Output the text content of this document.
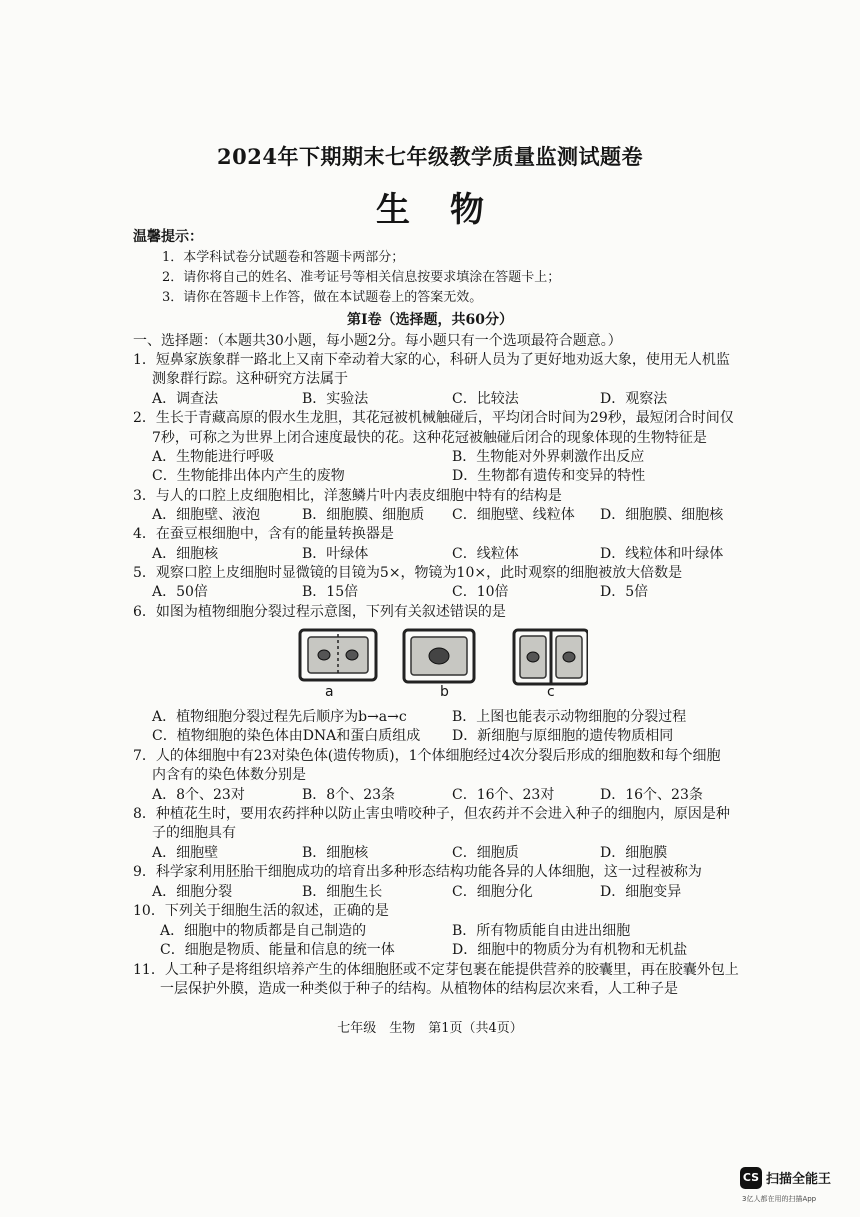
2024年下期期末七年级教学质量监测试题卷
生物
温馨提示：
1．本学科试卷分试题卷和答题卡两部分；
2．请你将自己的姓名、准考证号等相关信息按要求填涂在答题卡上；
3．请你在答题卡上作答，做在本试题卷上的答案无效。
第Ⅰ卷（选择题，共60分）
一、选择题：（本题共30小题，每小题2分。每小题只有一个选项最符合题意。）
1．短鼻家族象群一路北上又南下牵动着大家的心，科研人员为了更好地劝返大象，使用无人机监
测象群行踪。这种研究方法属于
A．调查法	B．实验法	C．比较法	D．观察法
2．生长于青藏高原的假水生龙胆，其花冠被机械触碰后，平均闭合时间为29秒，最短闭合时间仅
7秒，可称之为世界上闭合速度最快的花。这种花冠被触碰后闭合的现象体现的生物特征是
A．生物能进行呼吸	B．生物能对外界刺激作出反应
C．生物能排出体内产生的废物	D．生物都有遗传和变异的特性
3．与人的口腔上皮细胞相比，洋葱鳞片叶内表皮细胞中特有的结构是
A．细胞壁、液泡	B．细胞膜、细胞质 C．细胞壁、线粒体 D．细胞膜、细胞核
4．在蚕豆根细胞中，含有的能量转换器是
A．细胞核	B．叶绿体	C．线粒体	D．线粒体和叶绿体
5．观察口腔上皮细胞时显微镜的目镜为5×，物镜为10×，此时观察的细胞被放大倍数是
A．50倍	B．15倍	C．10倍	D．5倍
6．如图为植物细胞分裂过程示意图，下列有关叙述错误的是
a	b	c
A．植物细胞分裂过程先后顺序为b→a→c	B．上图也能表示动物细胞的分裂过程
C．植物细胞的染色体由DNA和蛋白质组成 D．新细胞与原细胞的遗传物质相同
7．人的体细胞中有23对染色体(遗传物质)，1个体细胞经过4次分裂后形成的细胞数和每个细胞
内含有的染色体数分别是
A．8个、23对	B．8个、23条	C．16个、23对	D．16个、23条
8．种植花生时，要用农药拌种以防止害虫啃咬种子，但农药并不会进入种子的细胞内，原因是种
子的细胞具有
A．细胞壁	B．细胞核	C．细胞质	D．细胞膜
9．科学家利用胚胎干细胞成功的培育出多种形态结构功能各异的人体细胞，这一过程被称为
A．细胞分裂	B．细胞生长	C．细胞分化	D．细胞变异
10．下列关于细胞生活的叙述，正确的是
A．细胞中的物质都是自己制造的	B．所有物质能自由进出细胞
C．细胞是物质、能量和信息的统一体	D．细胞中的物质分为有机物和无机盐
11．人工种子是将组织培养产生的体细胞胚或不定芽包裹在能提供营养的胶囊里，再在胶囊外包上
一层保护外膜，造成一种类似于种子的结构。从植物体的结构层次来看，人工种子是
七年级　生物　第1页（共4页）
CS 扫描全能王
3亿人都在用的扫描App
